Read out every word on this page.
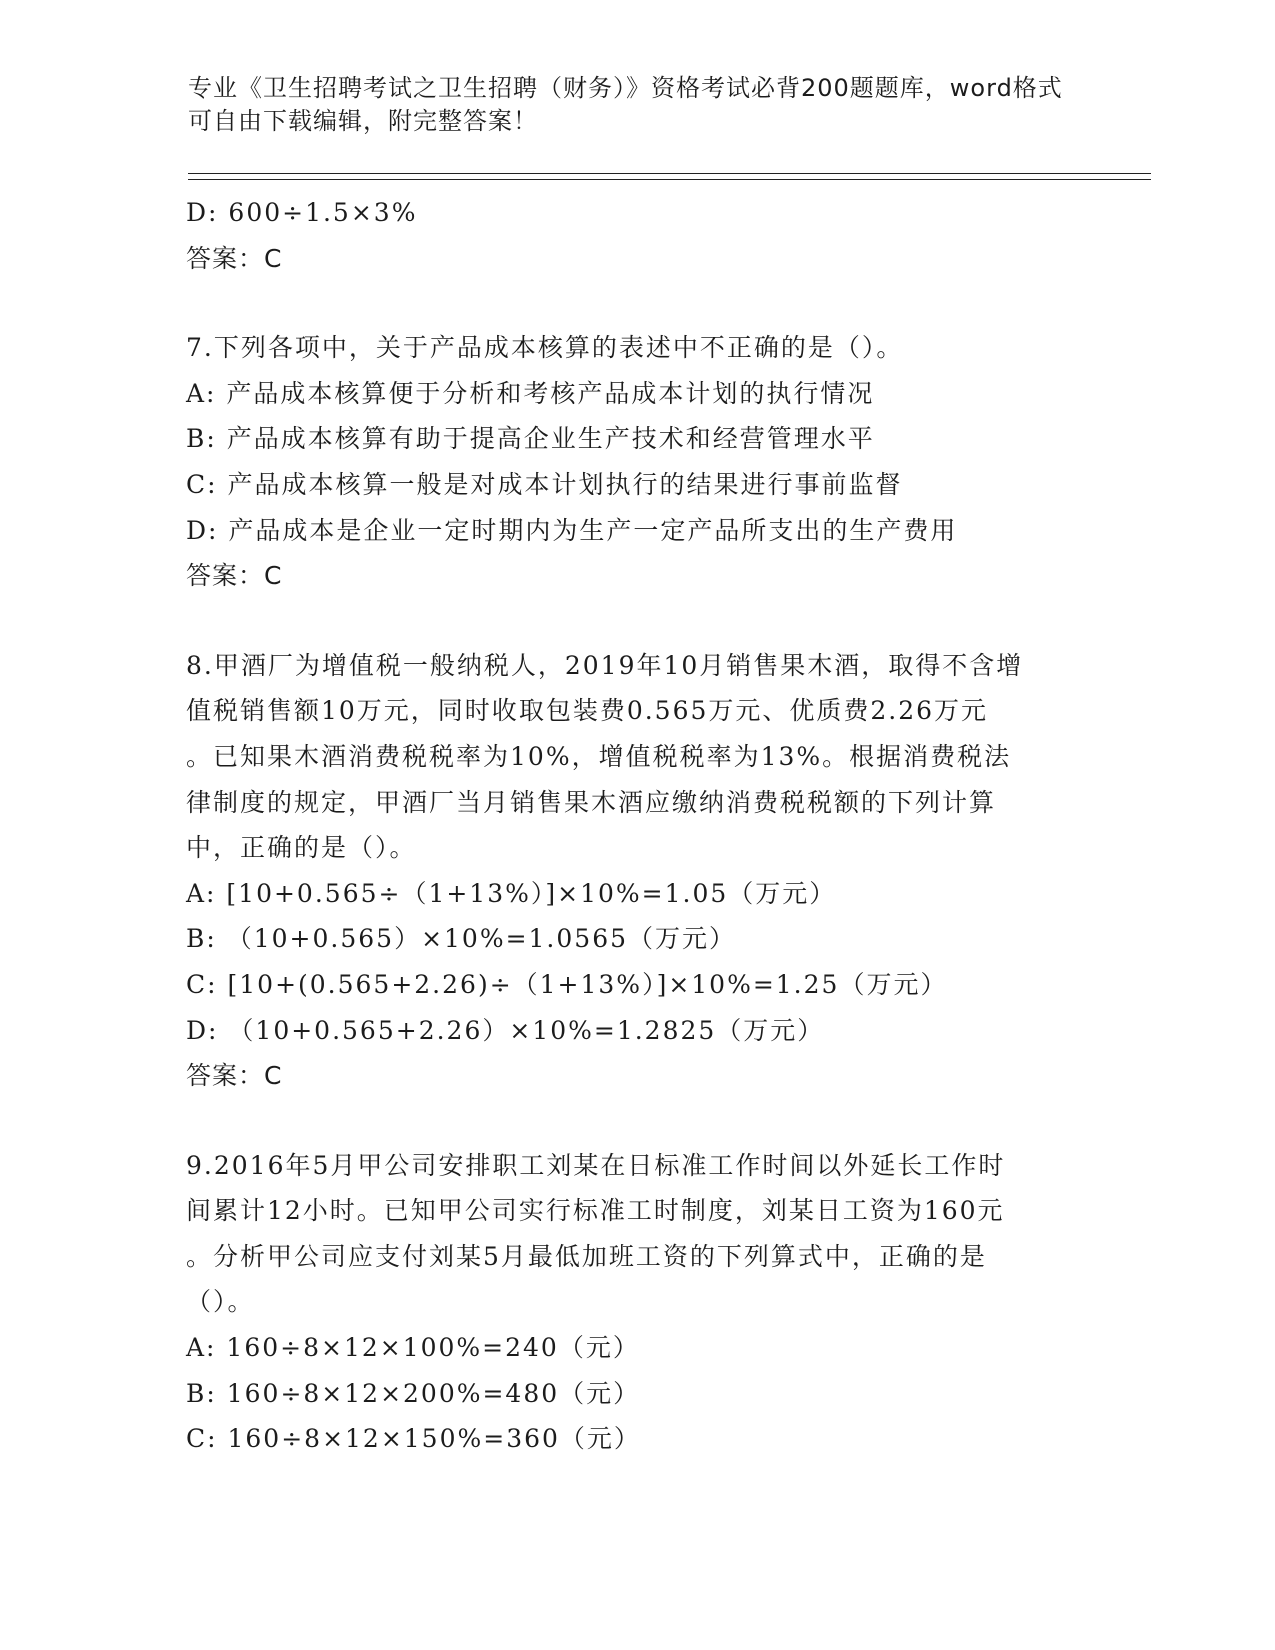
专业《卫生招聘考试之卫生招聘（财务）》资格考试必背200题题库，word格式
可自由下载编辑，附完整答案！
D: 600÷1.5×3%
答案：C
7.下列各项中，关于产品成本核算的表述中不正确的是（）。
A: 产品成本核算便于分析和考核产品成本计划的执行情况
B: 产品成本核算有助于提高企业生产技术和经营管理水平
C: 产品成本核算一般是对成本计划执行的结果进行事前监督
D: 产品成本是企业一定时期内为生产一定产品所支出的生产费用
答案：C
8.甲酒厂为增值税一般纳税人，2019年10月销售果木酒，取得不含增
值税销售额10万元，同时收取包装费0.565万元、优质费2.26万元
。已知果木酒消费税税率为10%，增值税税率为13%。根据消费税法
律制度的规定，甲酒厂当月销售果木酒应缴纳消费税税额的下列计算
中，正确的是（）。
A: [10+0.565÷（1+13%）]×10%=1.05（万元）
B: （10+0.565）×10%=1.0565（万元）
C: [10+(0.565+2.26)÷（1+13%）]×10%=1.25（万元）
D: （10+0.565+2.26）×10%=1.2825（万元）
答案：C
9.2016年5月甲公司安排职工刘某在日标准工作时间以外延长工作时
间累计12小时。已知甲公司实行标准工时制度，刘某日工资为160元
。分析甲公司应支付刘某5月最低加班工资的下列算式中，正确的是
（）。
A: 160÷8×12×100%=240（元）
B: 160÷8×12×200%=480（元）
C: 160÷8×12×150%=360（元）
